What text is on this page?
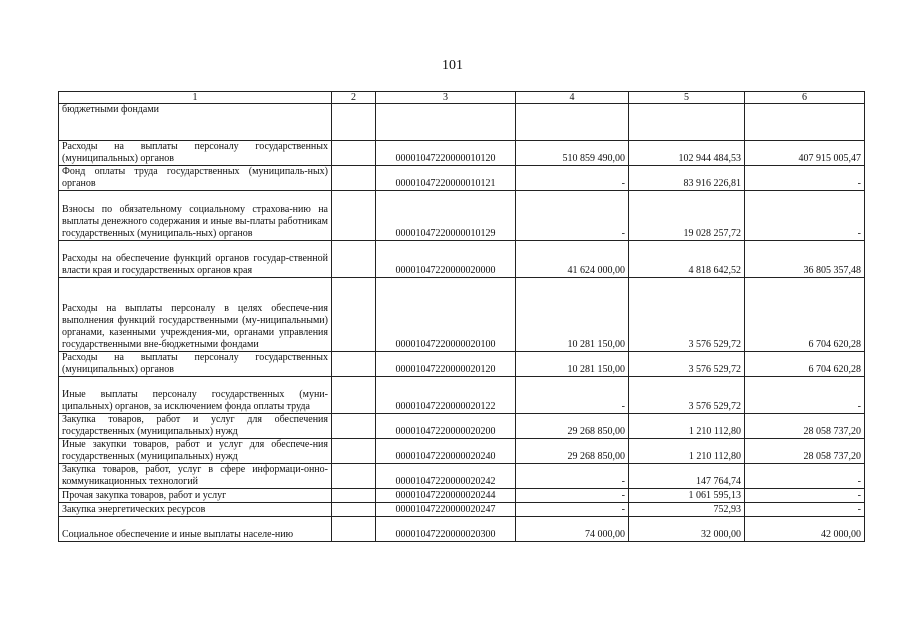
101
1	2	3	4	5	6
бюджетными фондами					
Расходы на выплаты персоналу государственных (муниципальных) органов		00001047220000010120	510 859 490,00	102 944 484,53	407 915 005,47
Фонд оплаты труда государственных (муниципаль-ных) органов		00001047220000010121	-	83 916 226,81	-
Взносы по обязательному социальному страхова-нию на выплаты денежного содержания и иные вы-платы работникам государственных (муниципаль-ных) органов		00001047220000010129	-	19 028 257,72	-
Расходы на обеспечение функций органов государ-ственной власти края и государственных органов края		00001047220000020000	41 624 000,00	4 818 642,52	36 805 357,48
Расходы на выплаты персоналу в целях обеспече-ния выполнения функций государственными (му-ниципальными) органами, казенными учреждения-ми, органами управления государственными вне-бюджетными фондами		00001047220000020100	10 281 150,00	3 576 529,72	6 704 620,28
Расходы на выплаты персоналу государственных (муниципальных) органов		00001047220000020120	10 281 150,00	3 576 529,72	6 704 620,28
Иные выплаты персоналу государственных (муни-ципальных) органов, за исключением фонда оплаты труда		00001047220000020122	-	3 576 529,72	-
Закупка товаров, работ и услуг для обеспечения государственных (муниципальных) нужд		00001047220000020200	29 268 850,00	1 210 112,80	28 058 737,20
Иные закупки товаров, работ и услуг для обеспече-ния государственных (муниципальных) нужд		00001047220000020240	29 268 850,00	1 210 112,80	28 058 737,20
Закупка товаров, работ, услуг в сфере информаци-онно-коммуникационных технологий		00001047220000020242	-	147 764,74	-
Прочая закупка товаров, работ и услуг		00001047220000020244	-	1 061 595,13	-
Закупка энергетических ресурсов		00001047220000020247	-	752,93	-
Социальное обеспечение и иные выплаты населе-нию		00001047220000020300	74 000,00	32 000,00	42 000,00
